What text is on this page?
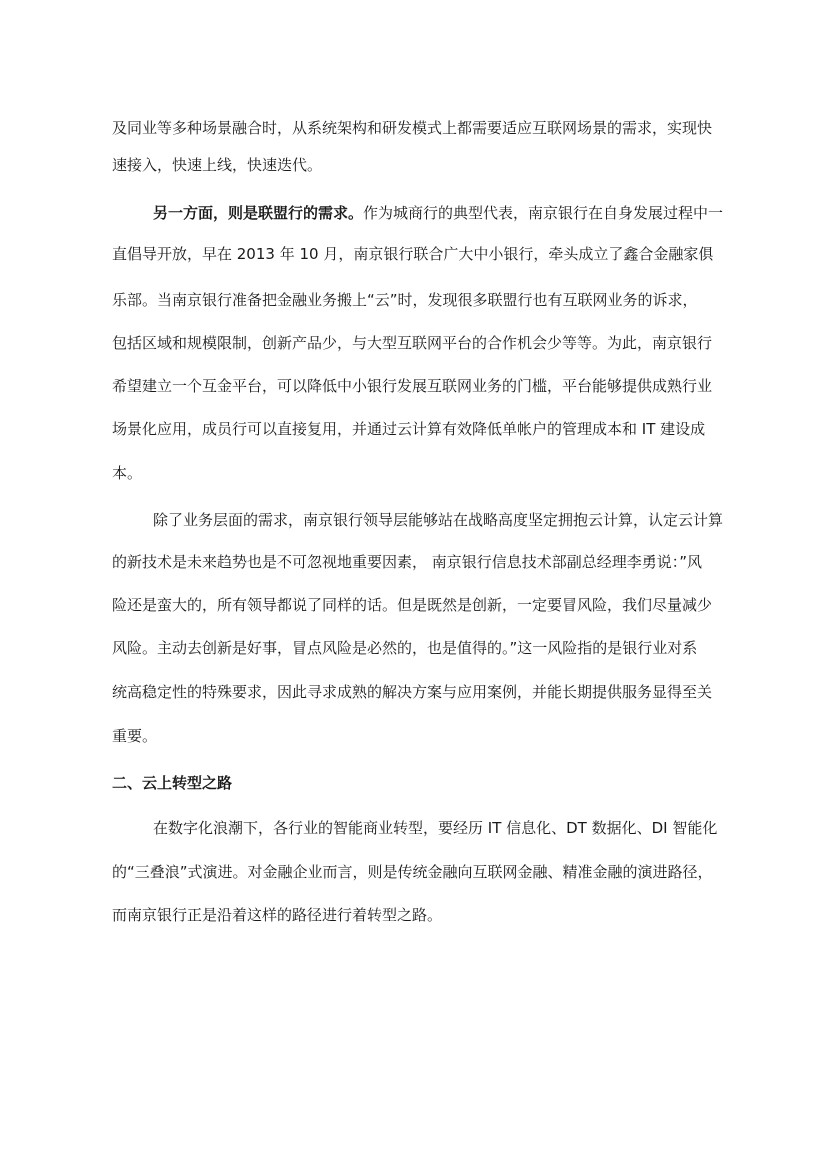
及同业等多种场景融合时，从系统架构和研发模式上都需要适应互联网场景的需求，实现快
速接入，快速上线，快速迭代。
另一方面，则是联盟行的需求。作为城商行的典型代表，南京银行在自身发展过程中一
直倡导开放，早在 2013 年 10 月，南京银行联合广大中小银行，牵头成立了鑫合金融家俱
乐部。当南京银行准备把金融业务搬上“云”时，发现很多联盟行也有互联网业务的诉求，
包括区域和规模限制，创新产品少，与大型互联网平台的合作机会少等等。为此，南京银行
希望建立一个互金平台，可以降低中小银行发展互联网业务的门槛，平台能够提供成熟行业
场景化应用，成员行可以直接复用，并通过云计算有效降低单帐户的管理成本和 IT 建设成
本。
除了业务层面的需求，南京银行领导层能够站在战略高度坚定拥抱云计算，认定云计算
的新技术是未来趋势也是不可忽视地重要因素， 南京银行信息技术部副总经理李勇说：”风
险还是蛮大的，所有领导都说了同样的话。但是既然是创新，一定要冒风险，我们尽量减少
风险。主动去创新是好事，冒点风险是必然的，也是值得的。”这一风险指的是银行业对系
统高稳定性的特殊要求，因此寻求成熟的解决方案与应用案例，并能长期提供服务显得至关
重要。
二、云上转型之路
在数字化浪潮下，各行业的智能商业转型，要经历 IT 信息化、DT 数据化、DI 智能化
的“三叠浪”式演进。对金融企业而言，则是传统金融向互联网金融、精准金融的演进路径，
而南京银行正是沿着这样的路径进行着转型之路。
